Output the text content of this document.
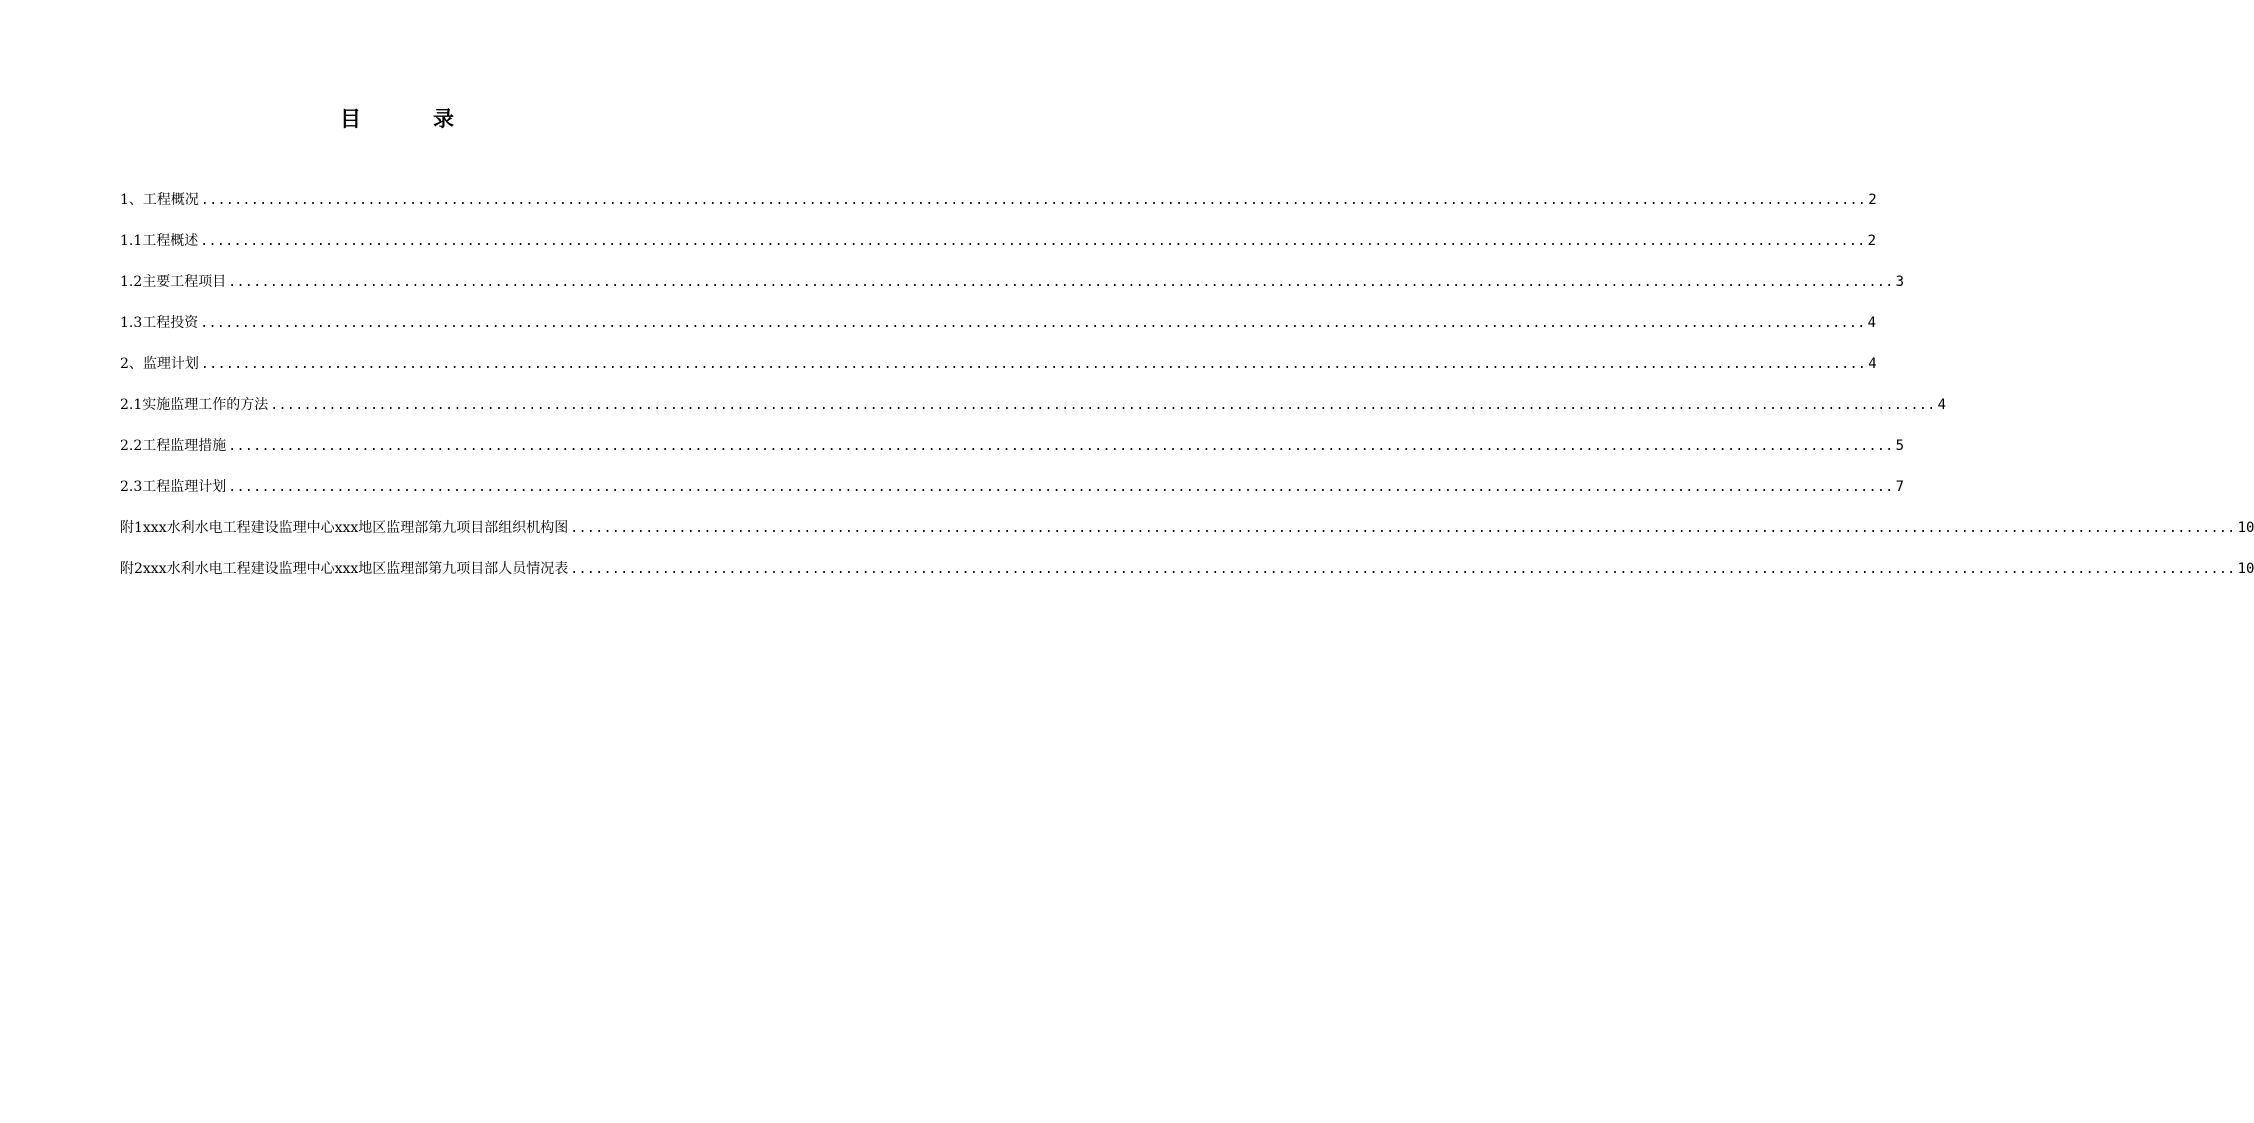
目	录
1、工程概况 ........................................................................................................................................................................................................ 2
1.1工程概述 ........................................................................................................................................................................................................ 2
1.2主要工程项目 ........................................................................................................................................................................................................ 3
1.3工程投资 ........................................................................................................................................................................................................ 4
2、监理计划 ........................................................................................................................................................................................................ 4
2.1实施监理工作的方法 ........................................................................................................................................................................................................ 4
2.2工程监理措施 ........................................................................................................................................................................................................ 5
2.3工程监理计划 ........................................................................................................................................................................................................ 7
附1xxx水利水电工程建设监理中心xxx地区监理部第九项目部组织机构图 ........................................................................................................................................................................................................ 10
附2xxx水利水电工程建设监理中心xxx地区监理部第九项目部人员情况表 ........................................................................................................................................................................................................ 10
